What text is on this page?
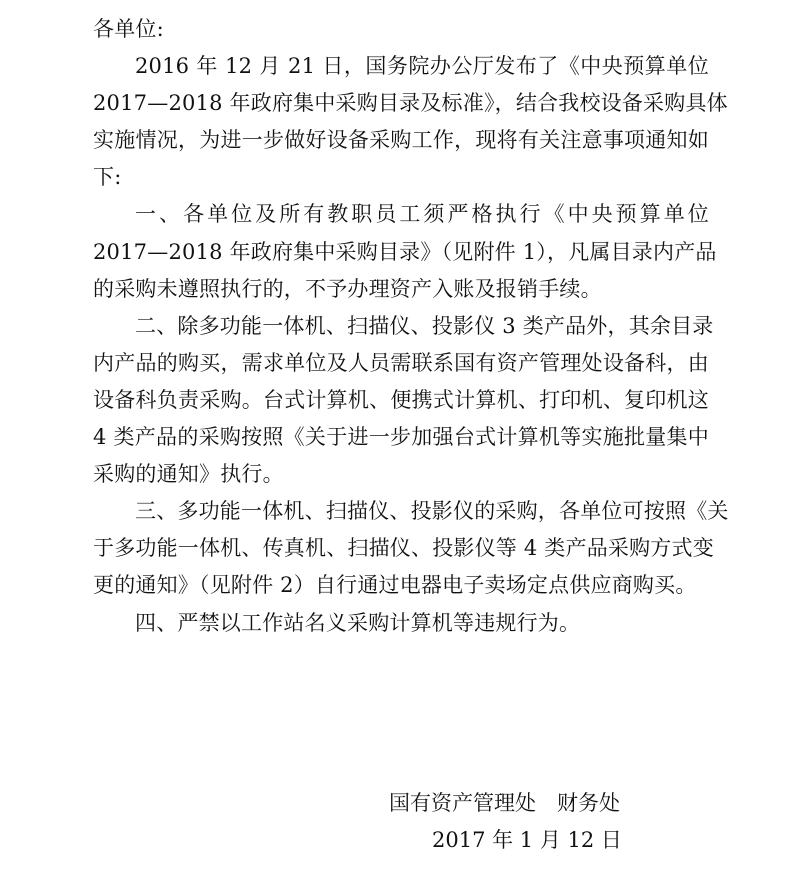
各单位:
2016 年 12 月 21 日，国务院办公厅发布了《中央预算单位
2017—2018 年政府集中采购目录及标准》，结合我校设备采购具体
实施情况，为进一步做好设备采购工作，现将有关注意事项通知如
下:
一、各单位及所有教职员工须严格执行《中央预算单位
2017—2018 年政府集中采购目录》（见附件 1），凡属目录内产品
的采购未遵照执行的，不予办理资产入账及报销手续。
二、除多功能一体机、扫描仪、投影仪 3 类产品外，其余目录
内产品的购买，需求单位及人员需联系国有资产管理处设备科，由
设备科负责采购。台式计算机、便携式计算机、打印机、复印机这
4 类产品的采购按照《关于进一步加强台式计算机等实施批量集中
采购的通知》执行。
三、多功能一体机、扫描仪、投影仪的采购，各单位可按照《关
于多功能一体机、传真机、扫描仪、投影仪等 4 类产品采购方式变
更的通知》（见附件 2）自行通过电器电子卖场定点供应商购买。
四、严禁以工作站名义采购计算机等违规行为。
国有资产管理处　财务处
2017 年 1 月 12 日
